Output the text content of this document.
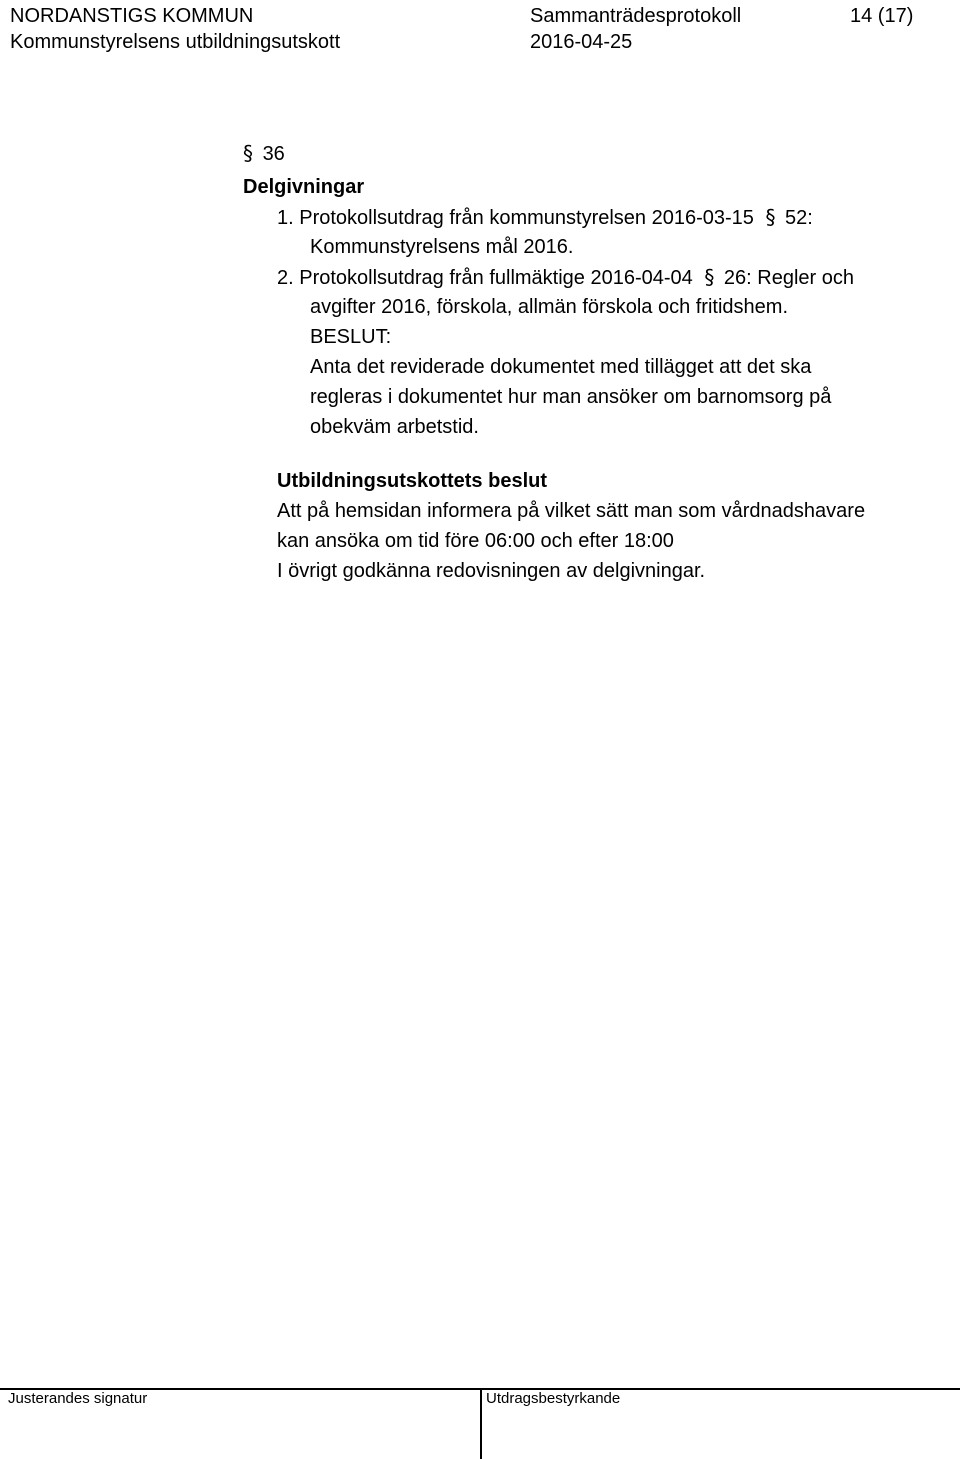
NORDANSTIGS KOMMUN	Sammanträdesprotokoll	14 (17)
Kommunstyrelsens utbildningsutskott	2016-04-25
§ 36
Delgivningar
1. Protokollsutdrag från kommunstyrelsen 2016-03-15 § 52:
Kommunstyrelsens mål 2016.
2. Protokollsutdrag från fullmäktige 2016-04-04 § 26: Regler och
avgifter 2016, förskola, allmän förskola och fritidshem.
BESLUT:
Anta det reviderade dokumentet med tillägget att det ska
regleras i dokumentet hur man ansöker om barnomsorg på
obekväm arbetstid.
Utbildningsutskottets beslut
Att på hemsidan informera på vilket sätt man som vårdnadshavare
kan ansöka om tid före 06:00 och efter 18:00
I övrigt godkänna redovisningen av delgivningar.
Justerandes signatur	Utdragsbestyrkande
